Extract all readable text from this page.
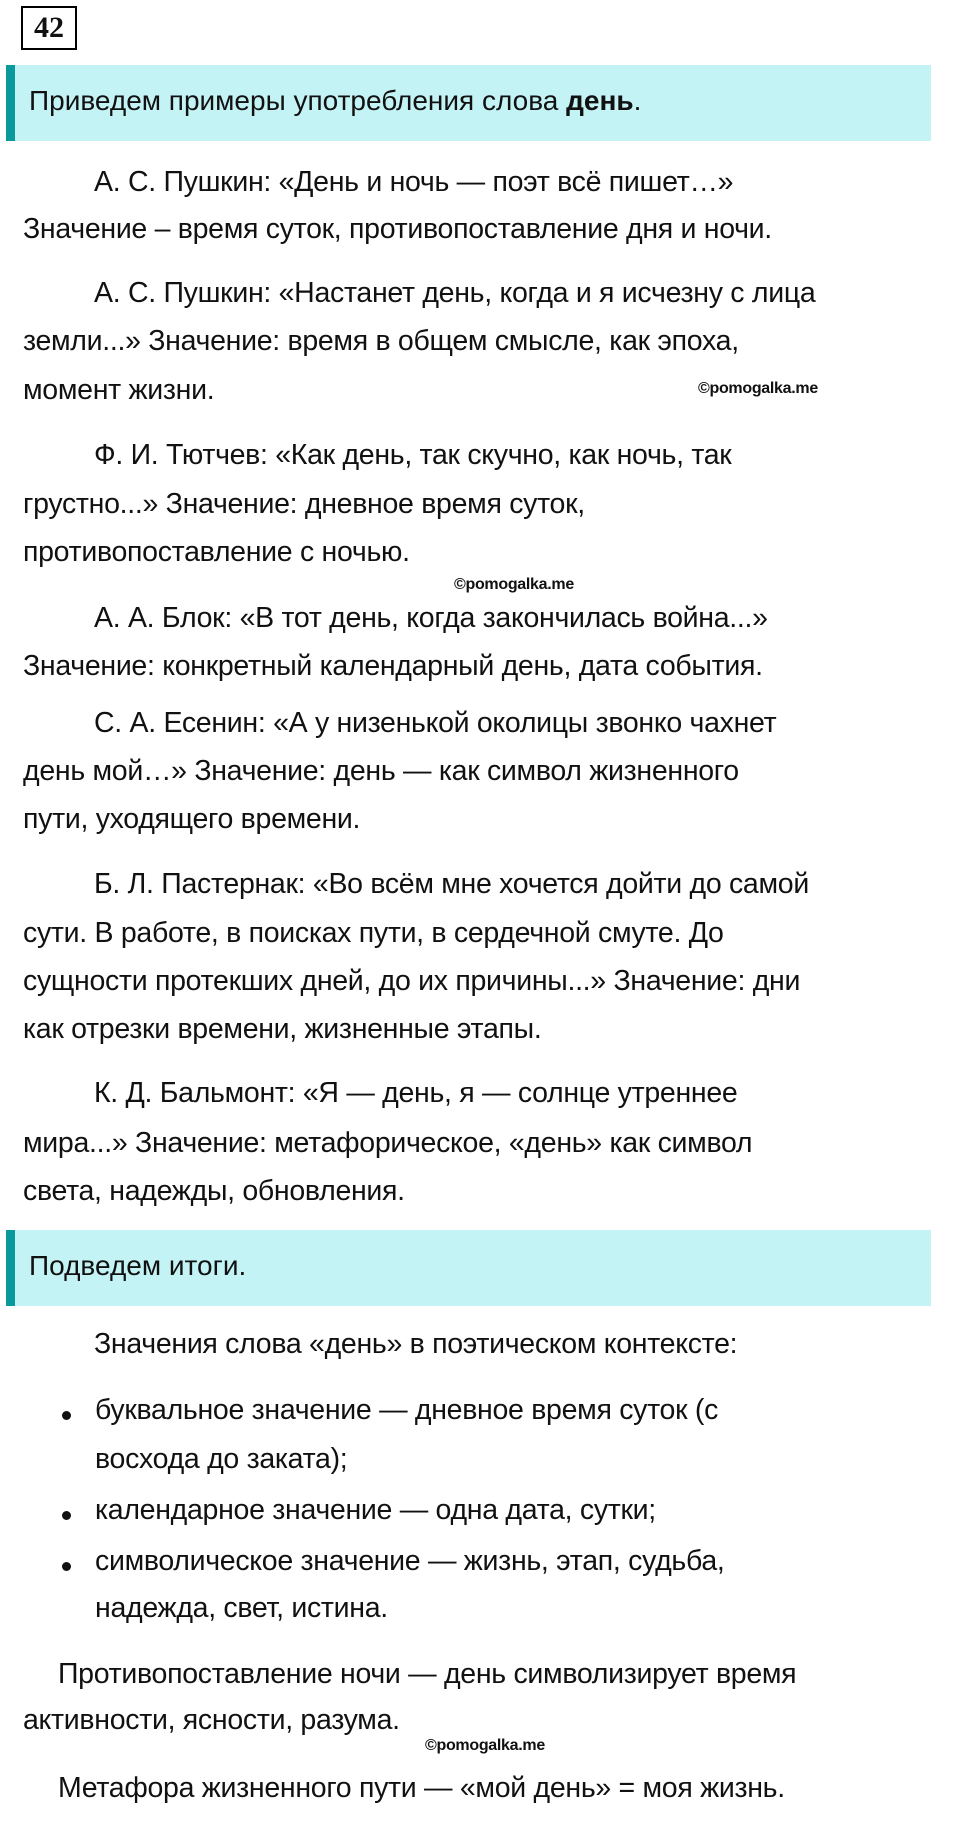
42
Приведем примеры употребления слова день.
А. С. Пушкин: «День и ночь — поэт всё пишет…»
Значение – время суток, противопоставление дня и ночи.
А. С. Пушкин: «Настанет день, когда и я исчезну с лица
земли...» Значение: время в общем смысле, как эпоха,
момент жизни.	©pomogalka.me
Ф. И. Тютчев: «Как день, так скучно, как ночь, так
грустно...» Значение: дневное время суток,
противопоставление с ночью.
©pomogalka.me
А. А. Блок: «В тот день, когда закончилась война...»
Значение: конкретный календарный день, дата события.
С. А. Есенин: «А у низенькой околицы звонко чахнет
день мой…» Значение: день — как символ жизненного
пути, уходящего времени.
Б. Л. Пастернак: «Во всём мне хочется дойти до самой
сути. В работе, в поисках пути, в сердечной смуте. До
сущности протекших дней, до их причины...» Значение: дни
как отрезки времени, жизненные этапы.
К. Д. Бальмонт: «Я — день, я — солнце утреннее
мира...» Значение: метафорическое, «день» как символ
света, надежды, обновления.
Подведем итоги.
Значения слова «день» в поэтическом контексте:
буквальное значение — дневное время суток (с
восхода до заката);
календарное значение — одна дата, сутки;
символическое значение — жизнь, этап, судьба,
надежда, свет, истина.
Противопоставление ночи — день символизирует время
активности, ясности, разума.
©pomogalka.me
Метафора жизненного пути — «мой день» = моя жизнь.
